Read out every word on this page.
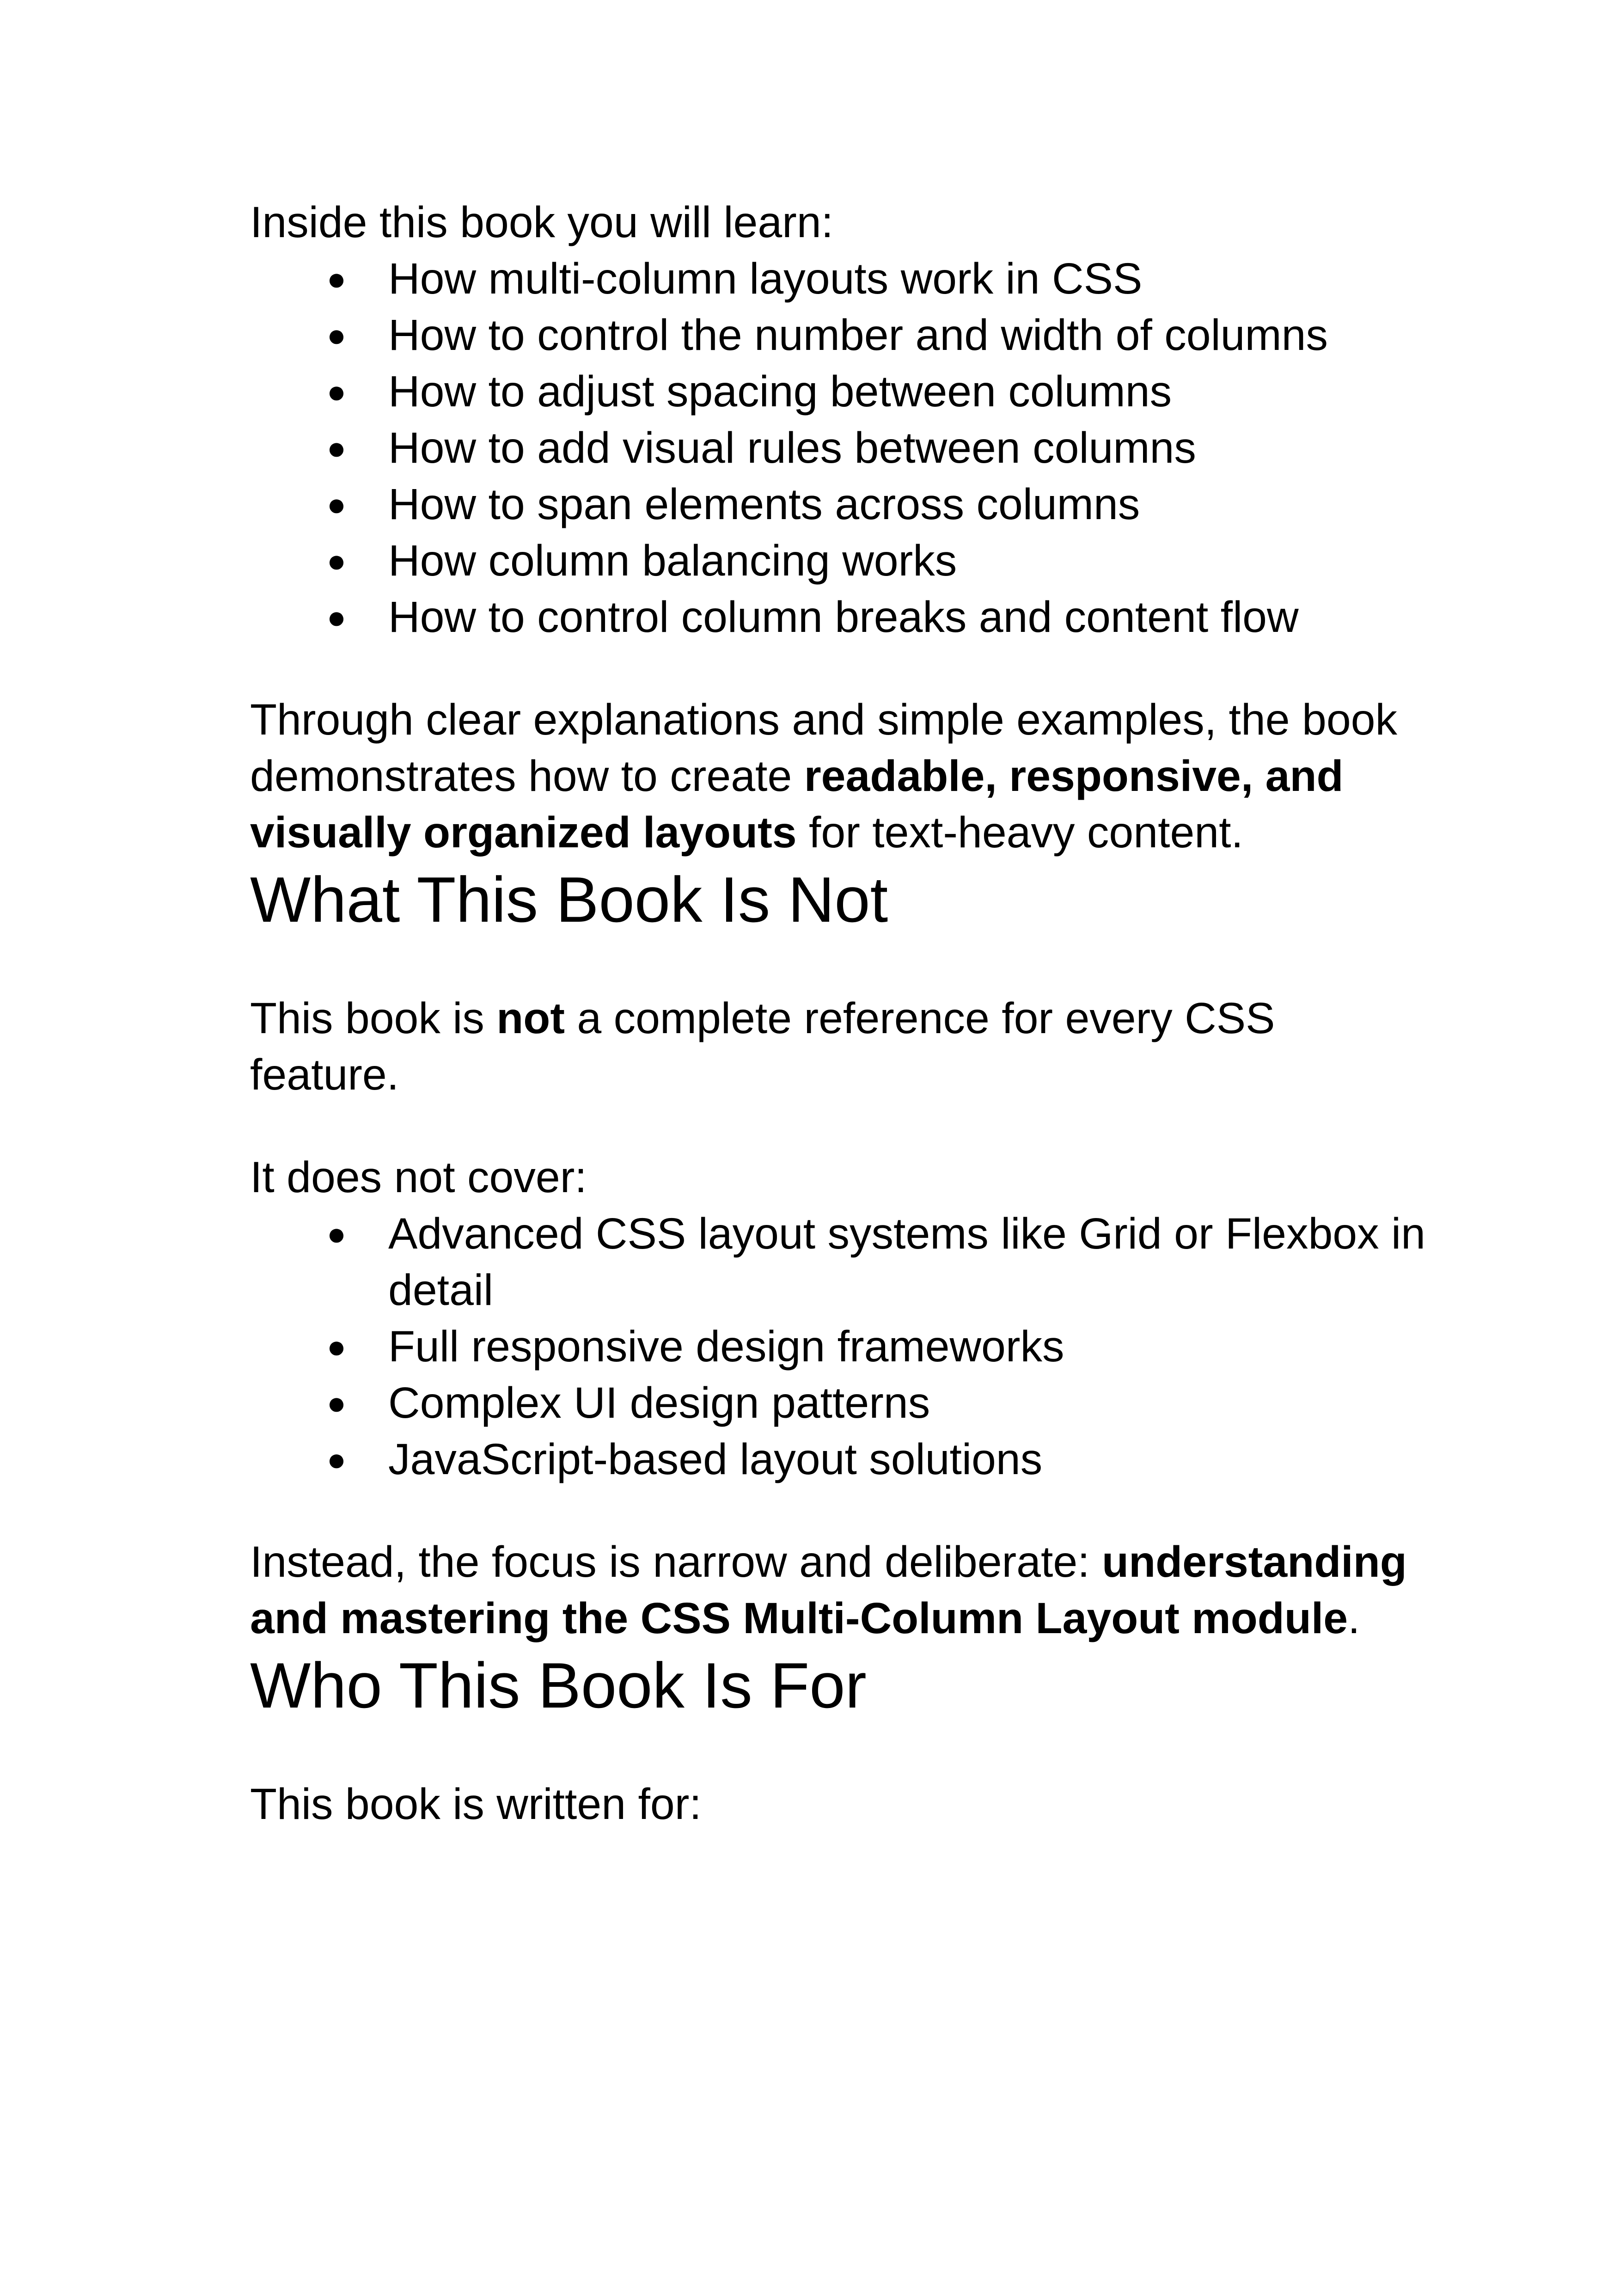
Inside this book you will learn:

● How multi-column layouts work in CSS
● How to control the number and width of columns
● How to adjust spacing between columns
● How to add visual rules between columns
● How to span elements across columns
● How column balancing works
● How to control column breaks and content flow

Through clear explanations and simple examples, the book demonstrates how to create readable, responsive, and visually organized layouts for text-heavy content.

What This Book Is Not

This book is not a complete reference for every CSS feature.

It does not cover:

● Advanced CSS layout systems like Grid or Flexbox in detail
● Full responsive design frameworks
● Complex UI design patterns
● JavaScript-based layout solutions

Instead, the focus is narrow and deliberate: understanding and mastering the CSS Multi-Column Layout module.

Who This Book Is For

This book is written for:
